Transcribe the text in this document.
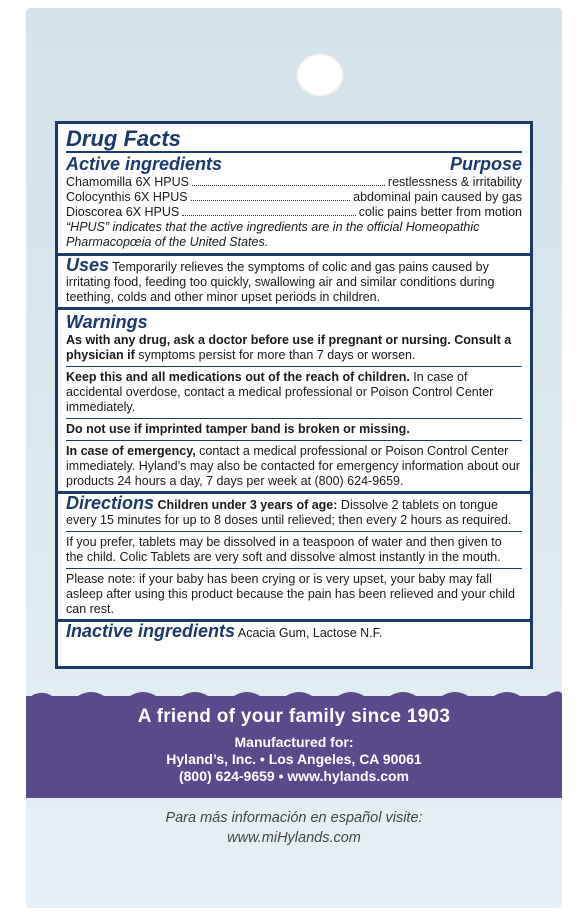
Drug Facts
Active ingredients	Purpose
Chamomilla 6X HPUS	restlessness & irritability
Colocynthis 6X HPUS	abdominal pain caused by gas
Dioscorea 6X HPUS	colic pains better from motion
“HPUS” indicates that the active ingredients are in the official Homeopathic Pharmacopœia of the United States.
Uses Temporarily relieves the symptoms of colic and gas pains caused by irritating food, feeding too quickly, swallowing air and similar conditions during teething, colds and other minor upset periods in children.
Warnings
As with any drug, ask a doctor before use if pregnant or nursing. Consult a physician if symptoms persist for more than 7 days or worsen.
Keep this and all medications out of the reach of children. In case of accidental overdose, contact a medical professional or Poison Control Center immediately.
Do not use if imprinted tamper band is broken or missing.
In case of emergency, contact a medical professional or Poison Control Center immediately. Hyland’s may also be contacted for emergency information about our products 24 hours a day, 7 days per week at (800) 624-9659.
Directions Children under 3 years of age: Dissolve 2 tablets on tongue every 15 minutes for up to 8 doses until relieved; then every 2 hours as required.
If you prefer, tablets may be dissolved in a teaspoon of water and then given to the child. Colic Tablets are very soft and dissolve almost instantly in the mouth.
Please note: if your baby has been crying or is very upset, your baby may fall asleep after using this product because the pain has been relieved and your child can rest.
Inactive ingredients Acacia Gum, Lactose N.F.
A friend of your family since 1903
Manufactured for:
Hyland’s, Inc. • Los Angeles, CA 90061
(800) 624-9659 • www.hylands.com
Para más información en español visite:
www.miHylands.com
